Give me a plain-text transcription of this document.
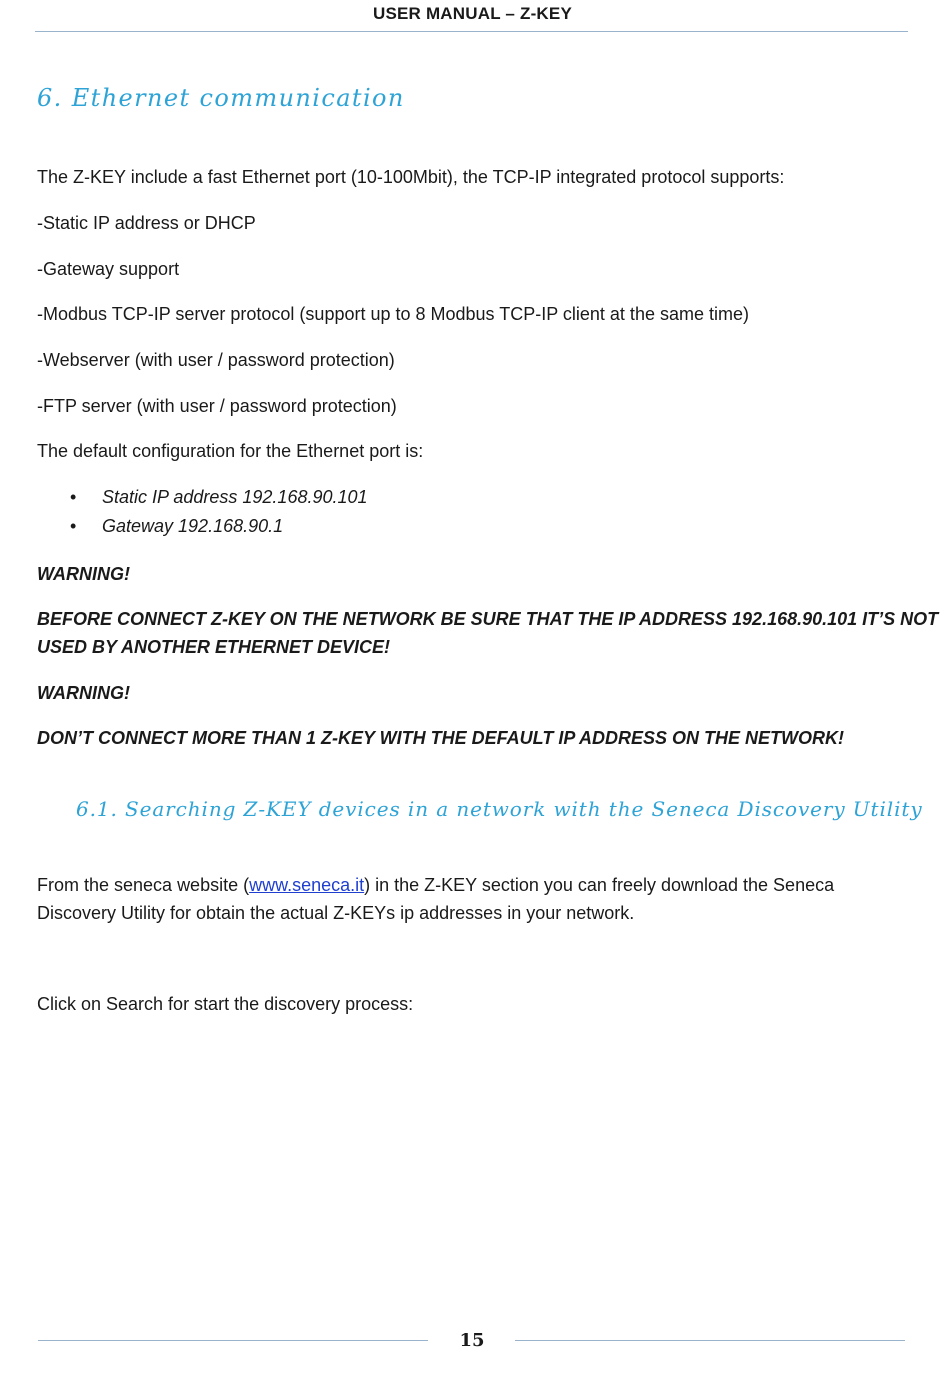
USER MANUAL – Z-KEY
6. Ethernet communication

The Z-KEY include a fast Ethernet port (10-100Mbit), the TCP-IP integrated protocol supports:

-Static IP address or DHCP

-Gateway support

-Modbus TCP-IP server protocol (support up to 8 Modbus TCP-IP client at the same time)

-Webserver (with user / password protection)

-FTP server (with user / password protection)

The default configuration for the Ethernet port is:

• Static IP address 192.168.90.101
• Gateway 192.168.90.1

WARNING!

BEFORE CONNECT Z-KEY ON THE NETWORK BE SURE THAT THE IP ADDRESS 192.168.90.101 IT’S NOT

USED BY ANOTHER ETHERNET DEVICE!

WARNING!

DON’T CONNECT MORE THAN 1 Z-KEY WITH THE DEFAULT IP ADDRESS ON THE NETWORK!

6.1. Searching Z-KEY devices in a network with the Seneca Discovery Utility

From the seneca website (www.seneca.it) in the Z-KEY section you can freely download the Seneca

Discovery Utility for obtain the actual Z-KEYs ip addresses in your network.

Click on Search for start the discovery process:

15
